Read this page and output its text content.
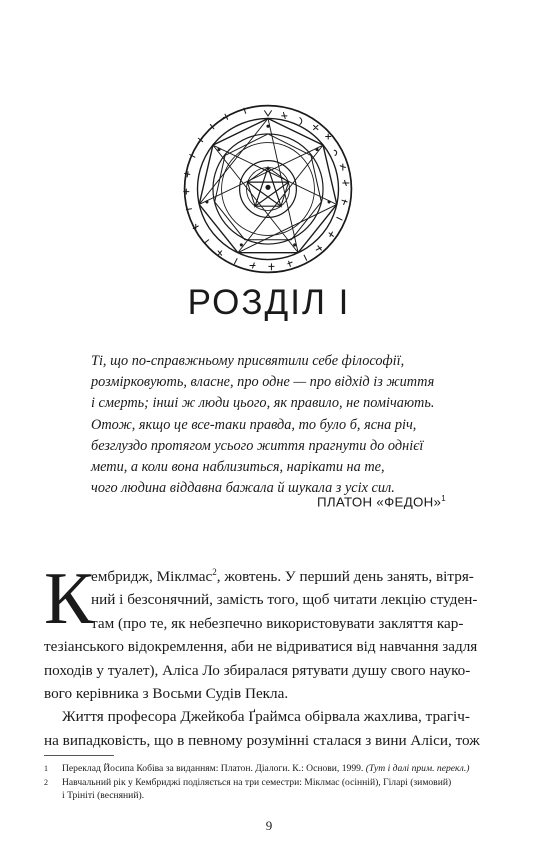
РОЗДІЛ І
Ті, що по-справжньому присвятили себе філософії,
розмірковують, власне, про одне — про відхід із життя
і смерть; інші ж люди цього, як правило, не помічають.
Отож, якщо це все-таки правда, то було б, ясна річ,
безглуздо протягом усього життя прагнути до однієї
мети, а коли вона наблизиться, нарікати на те,
чого людина віддавна бажала й шукала з усіх сил.
ПЛАТОН «ФЕДОН»$^1$
К
ембридж, Міклмас$^2$, жовтень. У перший день занять, вітря-
ний і безсонячний, замість того, щоб читати лекцію студен-
там (про те, як небезпечно використовувати закляття кар-
тезіанського відокремлення, аби не відриватися від навчання задля
походів у туалет), Аліса Ло збиралася рятувати душу свого науко-
вого керівника з Восьми Судів Пекла.
Життя професора Джейкоба Ґраймса обірвала жахлива, трагіч-
на випадковість, що в певному розумінні сталася з вини Аліси, тож
1 Переклад Йосипа Кобіва за виданням: Платон. Діалоги. К.: Основи, 1999. (Тут і далі прим. перекл.)
2 Навчальний рік у Кембриджі поділяється на три семестри: Міклмас (осінній), Гіларі (зимовий)
і Трініті (весняний).
9
